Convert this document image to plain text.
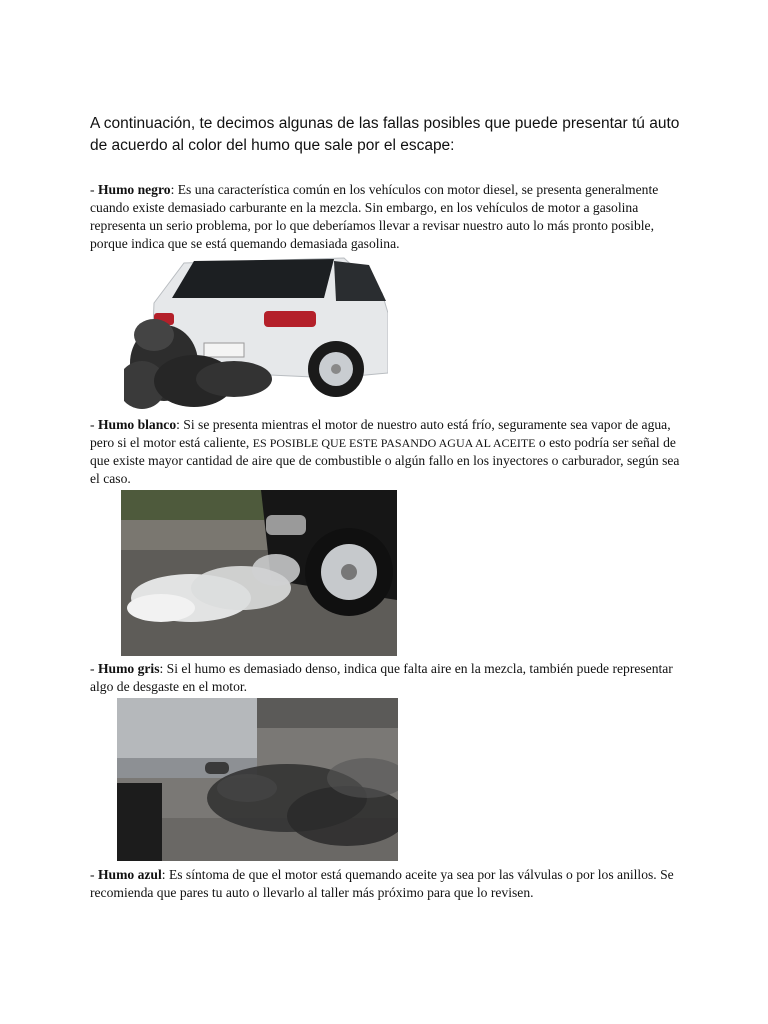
A continuación, te decimos algunas de las fallas posibles que puede presentar tú auto de acuerdo al color del humo que sale por el escape:

- Humo negro: Es una característica común en los vehículos con motor diesel, se presenta generalmente cuando existe demasiado carburante en la mezcla. Sin embargo, en los vehículos de motor a gasolina representa un serio problema, por lo que deberíamos llevar a revisar nuestro auto lo más pronto posible, porque indica que se está quemando demasiada gasolina.

- Humo blanco: Si se presenta mientras el motor de nuestro auto está frío, seguramente sea vapor de agua, pero si el motor está caliente, ES POSIBLE QUE ESTE PASANDO AGUA AL ACEITE o esto podría ser señal de que existe mayor cantidad de aire que de combustible o algún fallo en los inyectores o carburador, según sea el caso.

- Humo gris: Si el humo es demasiado denso, indica que falta aire en la mezcla, también puede representar algo de desgaste en el motor.

- Humo azul: Es síntoma de que el motor está quemando aceite ya sea por las válvulas o por los anillos. Se recomienda que pares tu auto o llevarlo al taller más próximo para que lo revisen.
